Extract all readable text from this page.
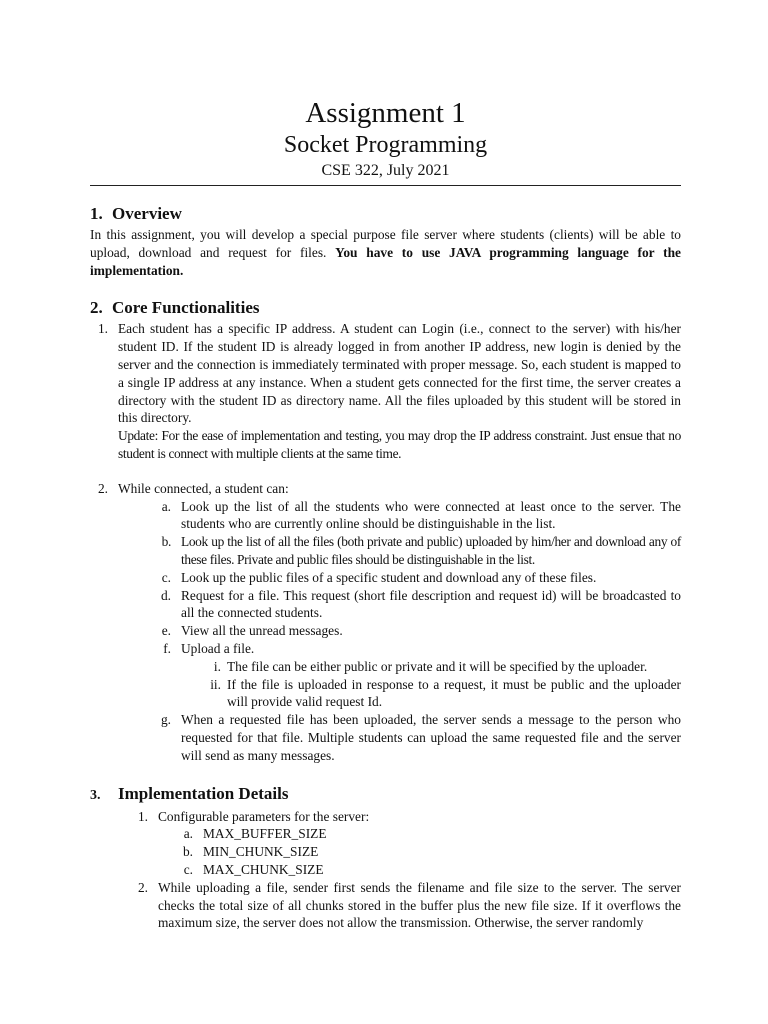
Assignment 1
Socket Programming
CSE 322, July 2021
1. Overview

In this assignment, you will develop a special purpose file server where students (clients) will be able to upload, download and request for files. You have to use JAVA programming language for the implementation.

2. Core Functionalities
1. Each student has a specific IP address. A student can Login (i.e., connect to the server) with his/her student ID. If the student ID is already logged in from another IP address, new login is denied by the server and the connection is immediately terminated with proper message. So, each student is mapped to a single IP address at any instance. When a student gets connected for the first time, the server creates a directory with the student ID as directory name. All the files uploaded by this student will be stored in this directory.
Update: For the ease of implementation and testing, you may drop the IP address constraint. Just ensue that no student is connect with multiple clients at the same time.
2. While connected, a student can:
a. Look up the list of all the students who were connected at least once to the server. The students who are currently online should be distinguishable in the list.
b. Look up the list of all the files (both private and public) uploaded by him/her and download any of these files. Private and public files should be distinguishable in the list.
c. Look up the public files of a specific student and download any of these files.
d. Request for a file. This request (short file description and request id) will be broadcasted to all the connected students.
e. View all the unread messages.
f. Upload a file.
i. The file can be either public or private and it will be specified by the uploader.
ii. If the file is uploaded in response to a request, it must be public and the uploader will provide valid request Id.
g. When a requested file has been uploaded, the server sends a message to the person who requested for that file. Multiple students can upload the same requested file and the server will send as many messages.
3. Implementation Details
1. Configurable parameters for the server:
a. MAX_BUFFER_SIZE
b. MIN_CHUNK_SIZE
c. MAX_CHUNK_SIZE
2. While uploading a file, sender first sends the filename and file size to the server. The server checks the total size of all chunks stored in the buffer plus the new file size. If it overflows the maximum size, the server does not allow the transmission. Otherwise, the server randomly
